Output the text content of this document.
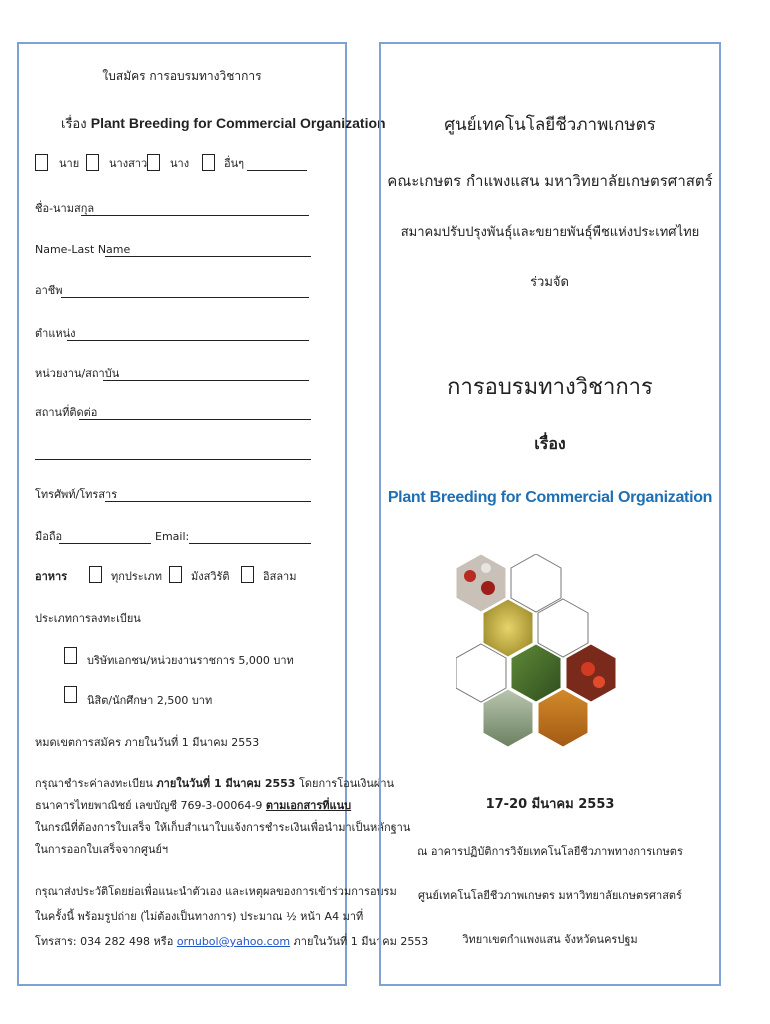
ใบสมัคร การอบรมทางวิชาการ
เรื่อง Plant Breeding for Commercial Organization
นาย	นางสาว นาง	อื่นๆ
ชื่อ-นามสกุล
Name-Last Name
อาชีพ
ตำแหน่ง
หน่วยงาน/สถาบัน
สถานที่ติดต่อ
โทรศัพท์/โทรสาร
มือถือ	Email:
อาหาร	ทุกประเภท	มังสวิรัติ	อิสลาม
ประเภทการลงทะเบียน
บริษัทเอกชน/หน่วยงานราชการ 5,000 บาท
นิสิต/นักศึกษา 2,500 บาท
หมดเขตการสมัคร ภายในวันที่ 1 มีนาคม 2553
กรุณาชำระค่าลงทะเบียน ภายในวันที่ 1 มีนาคม 2553 โดยการโอนเงินผ่าน
ธนาคารไทยพาณิชย์ เลขบัญชี 769-3-00064-9 ตามเอกสารที่แนบ
ในกรณีที่ต้องการใบเสร็จ ให้เก็บสำเนาใบแจ้งการชำระเงินเพื่อนำมาเป็นหลักฐาน
ในการออกใบเสร็จจากศูนย์ฯ
กรุณาส่งประวัติโดยย่อเพื่อแนะนำตัวเอง และเหตุผลของการเข้าร่วมการอบรม
ในครั้งนี้ พร้อมรูปถ่าย (ไม่ต้องเป็นทางการ) ประมาณ ½ หน้า A4 มาที่
โทรสาร: 034 282 498 หรือ ornubol@yahoo.com ภายในวันที่ 1 มีนาคม 2553
ศูนย์เทคโนโลยีชีวภาพเกษตร
คณะเกษตร กำแพงแสน มหาวิทยาลัยเกษตรศาสตร์
สมาคมปรับปรุงพันธุ์และขยายพันธุ์พืชแห่งประเทศไทย
ร่วมจัด
การอบรมทางวิชาการ
เรื่อง
Plant Breeding for Commercial Organization
17-20 มีนาคม 2553
ณ อาคารปฏิบัติการวิจัยเทคโนโลยีชีวภาพทางการเกษตร
ศูนย์เทคโนโลยีชีวภาพเกษตร มหาวิทยาลัยเกษตรศาสตร์
วิทยาเขตกำแพงแสน จังหวัดนครปฐม
